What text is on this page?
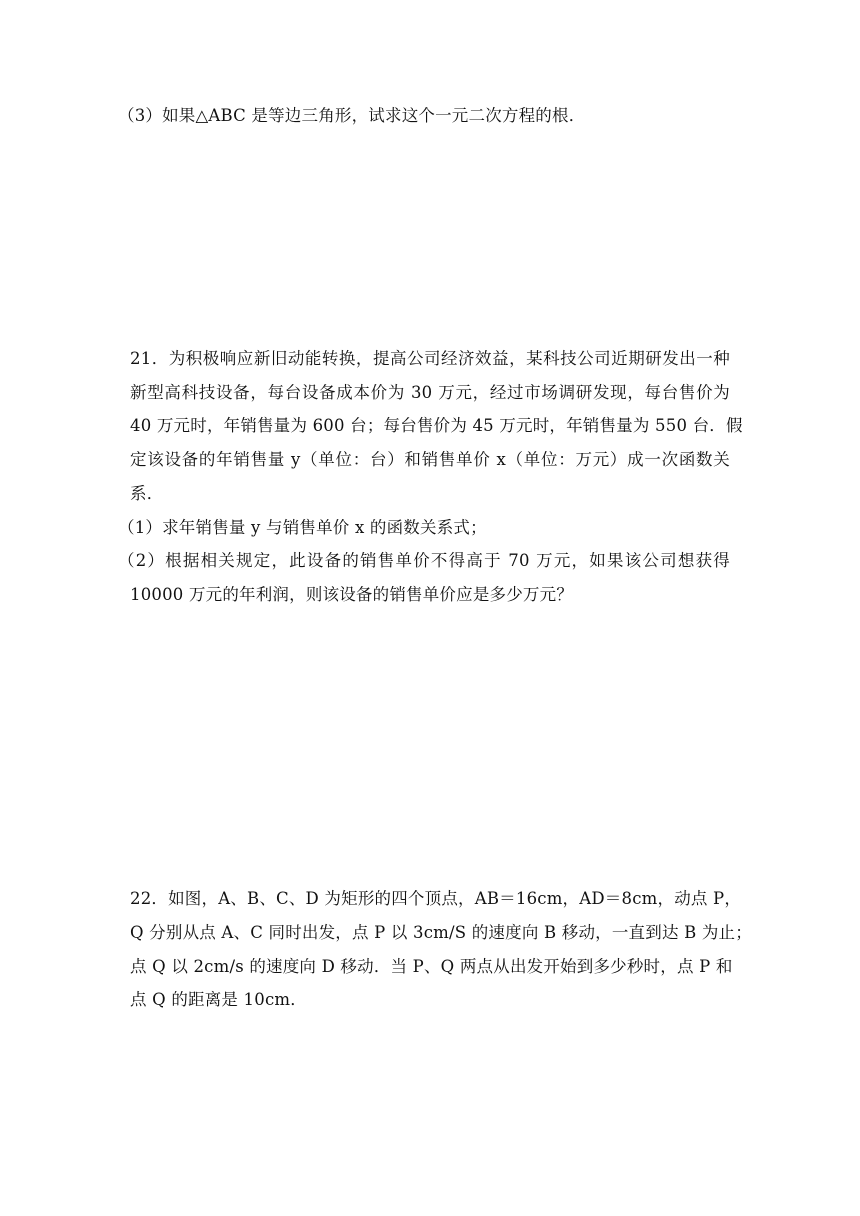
（3）如果△ABC 是等边三角形，试求这个一元二次方程的根．
21．为积极响应新旧动能转换，提高公司经济效益，某科技公司近期研发出一种
新型高科技设备，每台设备成本价为 30 万元，经过市场调研发现，每台售价为
40 万元时，年销售量为 600 台；每台售价为 45 万元时，年销售量为 550 台．假
定该设备的年销售量 y（单位：台）和销售单价 x（单位：万元）成一次函数关
系．
（1）求年销售量 y 与销售单价 x 的函数关系式；
（2）根据相关规定，此设备的销售单价不得高于 70 万元，如果该公司想获得
10000 万元的年利润，则该设备的销售单价应是多少万元？
22．如图，A、B、C、D 为矩形的四个顶点，AB＝16cm，AD＝8cm，动点 P，
Q 分别从点 A、C 同时出发，点 P 以 3cm/S 的速度向 B 移动，一直到达 B 为止；
点 Q 以 2cm/s 的速度向 D 移动．当 P、Q 两点从出发开始到多少秒时，点 P 和
点 Q 的距离是 10cm．
